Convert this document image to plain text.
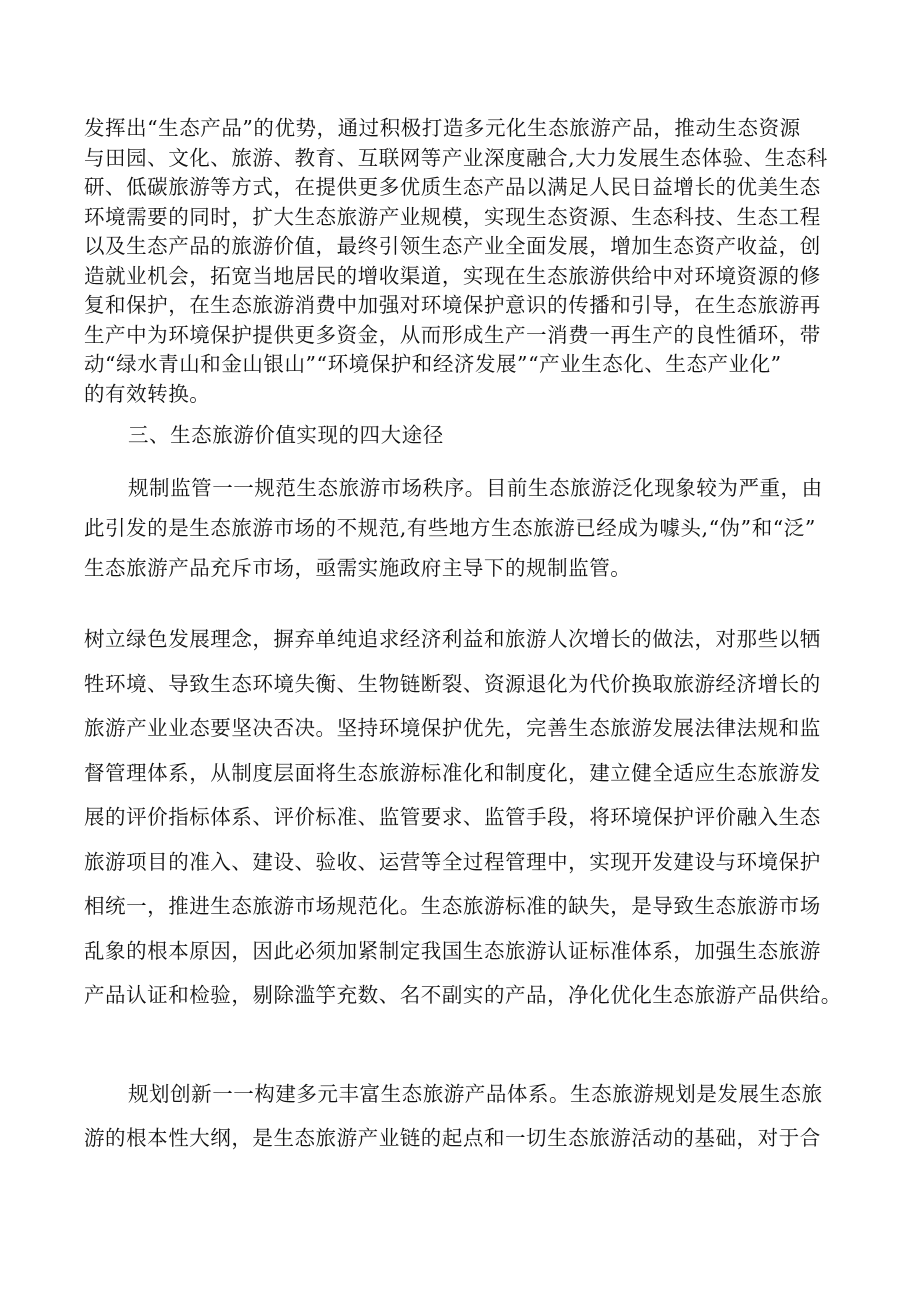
发挥出“生态产品”的优势，通过积极打造多元化生态旅游产品，推动生态资源
与田园、文化、旅游、教育、互联网等产业深度融合,大力发展生态体验、生态科
研、低碳旅游等方式，在提供更多优质生态产品以满足人民日益增长的优美生态
环境需要的同时，扩大生态旅游产业规模，实现生态资源、生态科技、生态工程
以及生态产品的旅游价值，最终引领生态产业全面发展，增加生态资产收益，创
造就业机会，拓宽当地居民的增收渠道，实现在生态旅游供给中对环境资源的修
复和保护，在生态旅游消费中加强对环境保护意识的传播和引导，在生态旅游再
生产中为环境保护提供更多资金，从而形成生产一消费一再生产的良性循环，带
动“绿水青山和金山银山”“环境保护和经济发展”“产业生态化、生态产业化”
的有效转换。
三、生态旅游价值实现的四大途径
规制监管一一规范生态旅游市场秩序。目前生态旅游泛化现象较为严重，由
此引发的是生态旅游市场的不规范,有些地方生态旅游已经成为噱头,“伪”和“泛”
生态旅游产品充斥市场，亟需实施政府主导下的规制监管。
树立绿色发展理念，摒弃单纯追求经济利益和旅游人次增长的做法，对那些以牺
牲环境、导致生态环境失衡、生物链断裂、资源退化为代价换取旅游经济增长的
旅游产业业态要坚决否决。坚持环境保护优先，完善生态旅游发展法律法规和监
督管理体系，从制度层面将生态旅游标准化和制度化，建立健全适应生态旅游发
展的评价指标体系、评价标准、监管要求、监管手段，将环境保护评价融入生态
旅游项目的准入、建设、验收、运营等全过程管理中，实现开发建设与环境保护
相统一，推进生态旅游市场规范化。生态旅游标准的缺失，是导致生态旅游市场
乱象的根本原因，因此必须加紧制定我国生态旅游认证标准体系，加强生态旅游
产品认证和检验，剔除滥竽充数、名不副实的产品，净化优化生态旅游产品供给。
规划创新一一构建多元丰富生态旅游产品体系。生态旅游规划是发展生态旅
游的根本性大纲，是生态旅游产业链的起点和一切生态旅游活动的基础，对于合
